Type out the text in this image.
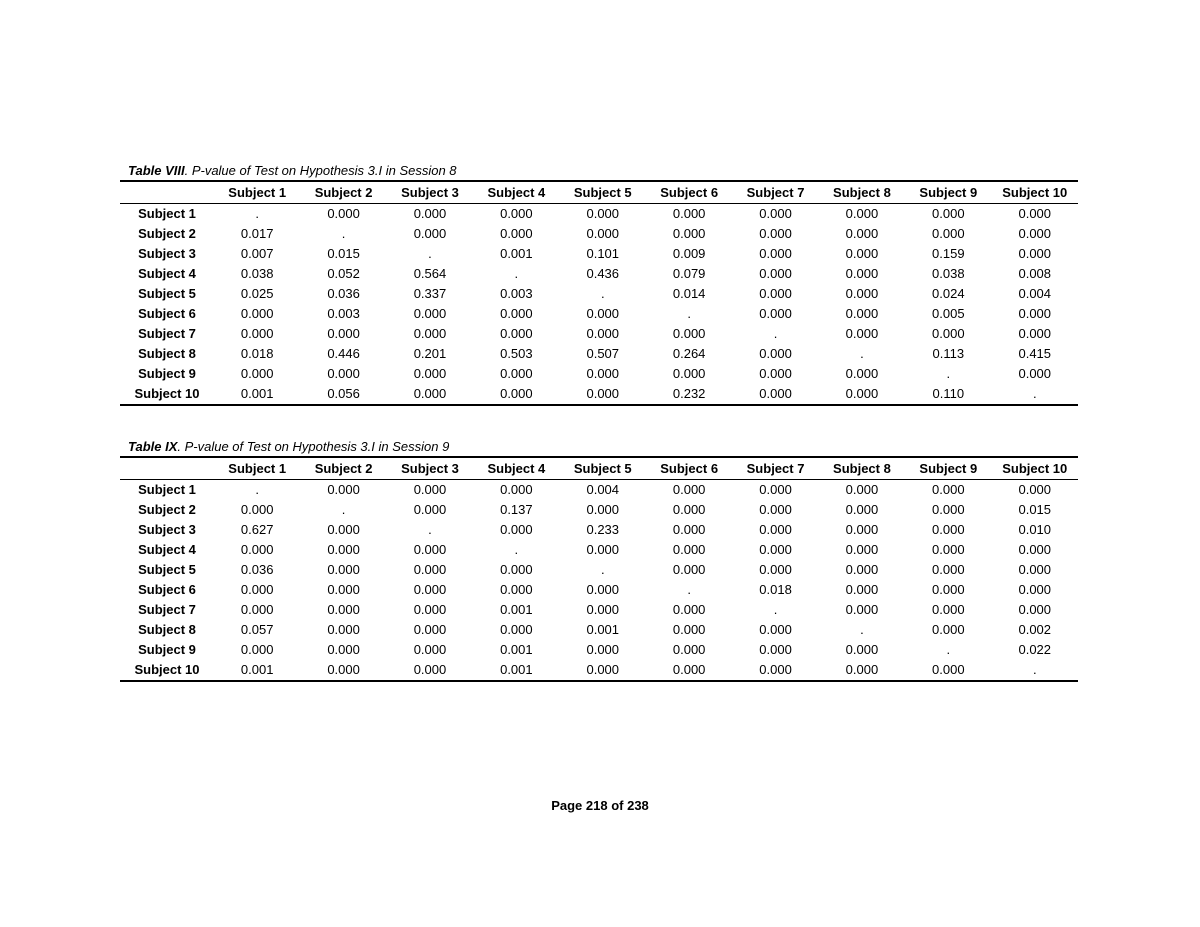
Table VIII. P-value of Test on Hypothesis 3.I in Session 8
	Subject 1	Subject 2	Subject 3	Subject 4	Subject 5	Subject 6	Subject 7	Subject 8	Subject 9	Subject 10
Subject 1	.	0.000	0.000	0.000	0.000	0.000	0.000	0.000	0.000	0.000
Subject 2	0.017	.	0.000	0.000	0.000	0.000	0.000	0.000	0.000	0.000
Subject 3	0.007	0.015	.	0.001	0.101	0.009	0.000	0.000	0.159	0.000
Subject 4	0.038	0.052	0.564	.	0.436	0.079	0.000	0.000	0.038	0.008
Subject 5	0.025	0.036	0.337	0.003	.	0.014	0.000	0.000	0.024	0.004
Subject 6	0.000	0.003	0.000	0.000	0.000	.	0.000	0.000	0.005	0.000
Subject 7	0.000	0.000	0.000	0.000	0.000	0.000	.	0.000	0.000	0.000
Subject 8	0.018	0.446	0.201	0.503	0.507	0.264	0.000	.	0.113	0.415
Subject 9	0.000	0.000	0.000	0.000	0.000	0.000	0.000	0.000	.	0.000
Subject 10	0.001	0.056	0.000	0.000	0.000	0.232	0.000	0.000	0.110	.
Table IX. P-value of Test on Hypothesis 3.I in Session 9
	Subject 1	Subject 2	Subject 3	Subject 4	Subject 5	Subject 6	Subject 7	Subject 8	Subject 9	Subject 10
Subject 1	.	0.000	0.000	0.000	0.004	0.000	0.000	0.000	0.000	0.000
Subject 2	0.000	.	0.000	0.137	0.000	0.000	0.000	0.000	0.000	0.015
Subject 3	0.627	0.000	.	0.000	0.233	0.000	0.000	0.000	0.000	0.010
Subject 4	0.000	0.000	0.000	.	0.000	0.000	0.000	0.000	0.000	0.000
Subject 5	0.036	0.000	0.000	0.000	.	0.000	0.000	0.000	0.000	0.000
Subject 6	0.000	0.000	0.000	0.000	0.000	.	0.018	0.000	0.000	0.000
Subject 7	0.000	0.000	0.000	0.001	0.000	0.000	.	0.000	0.000	0.000
Subject 8	0.057	0.000	0.000	0.000	0.001	0.000	0.000	.	0.000	0.002
Subject 9	0.000	0.000	0.000	0.001	0.000	0.000	0.000	0.000	.	0.022
Subject 10	0.001	0.000	0.000	0.001	0.000	0.000	0.000	0.000	0.000	.
Page 218 of 238
